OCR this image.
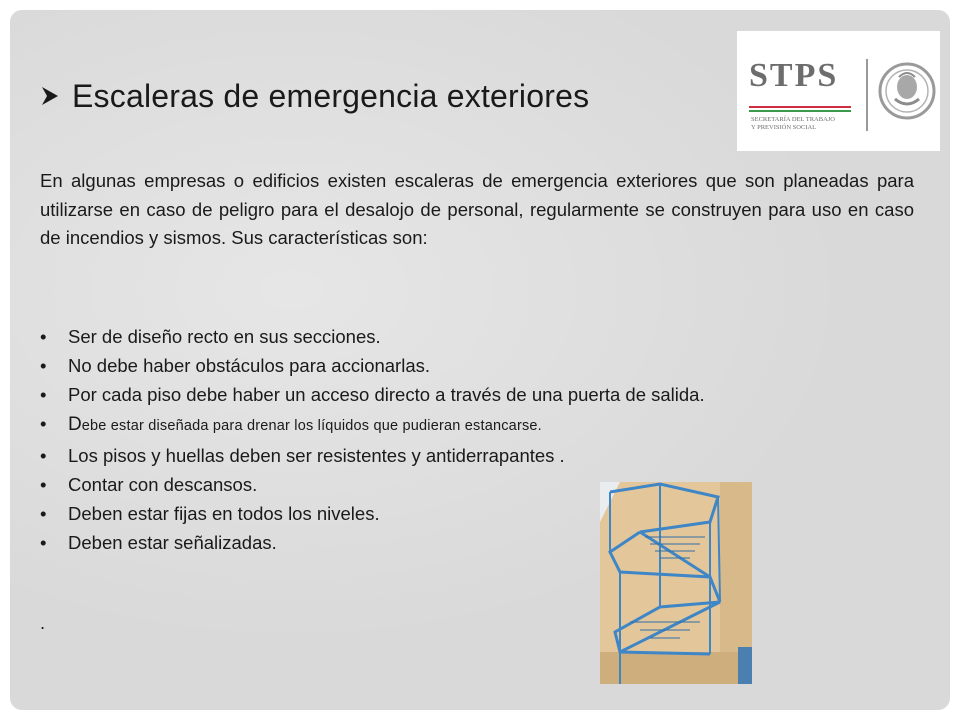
Escaleras de emergencia exteriores
STPS
SECRETARÍA DEL TRABAJO
Y PREVISIÓN SOCIAL

En algunas empresas o edificios existen escaleras de emergencia exteriores que son planeadas para utilizarse en caso de peligro para el desalojo de personal, regularmente se construyen para uso en caso de incendios y sismos. Sus características son:

• Ser de diseño recto en sus secciones.
• No debe haber obstáculos para accionarlas.
• Por cada piso debe haber un acceso directo a través de una puerta de salida.
• Debe estar diseñada para drenar los líquidos que pudieran estancarse.
• Los pisos y huellas deben ser resistentes y antiderrapantes .
• Contar con descansos.
• Deben estar fijas en todos los niveles.
• Deben estar señalizadas.
.
